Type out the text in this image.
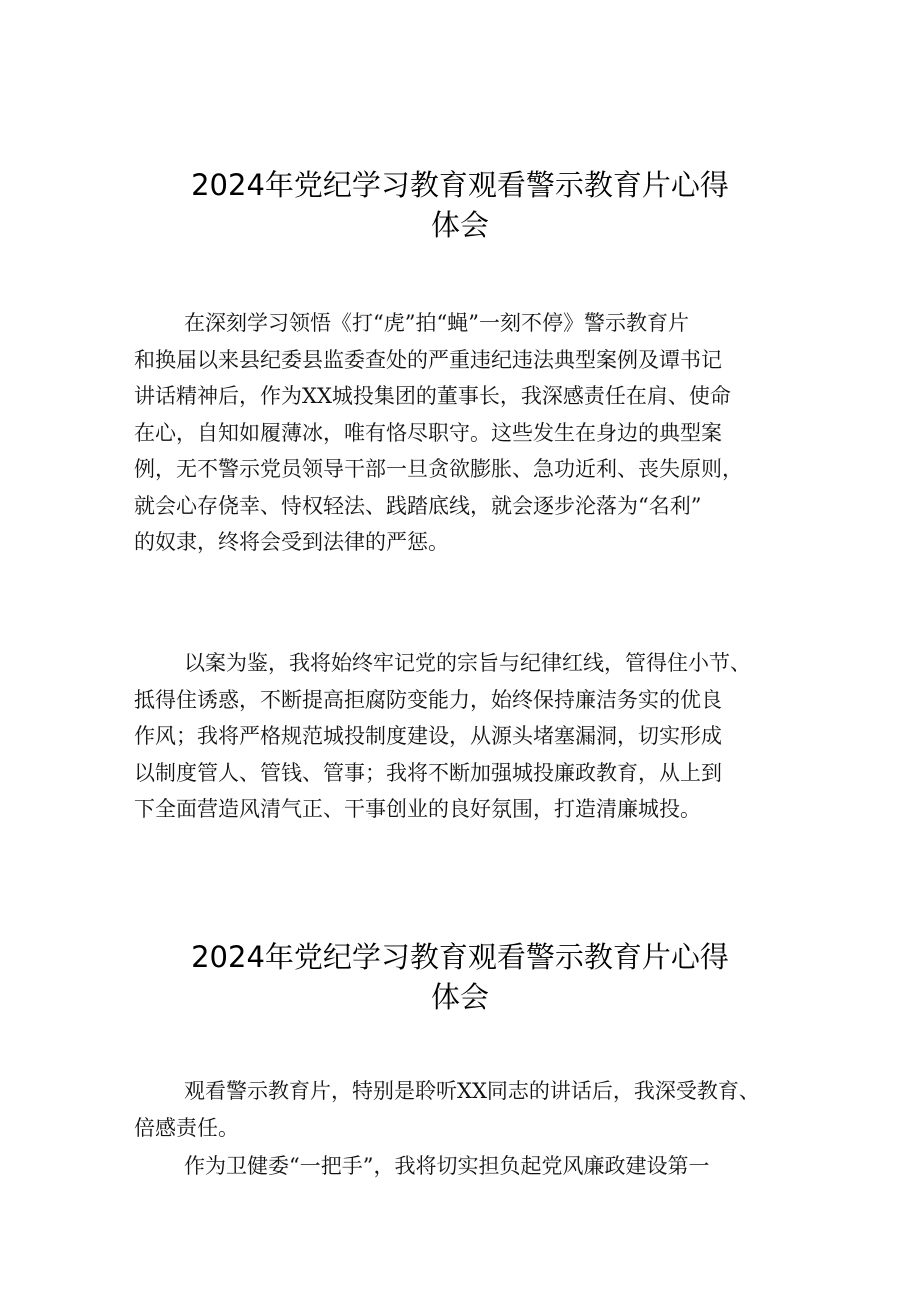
2024年党纪学习教育观看警示教育片心得
体会
在深刻学习领悟《打“虎”拍“蝇”一刻不停》警示教育片
和换届以来县纪委县监委查处的严重违纪违法典型案例及谭书记
讲话精神后，作为XX城投集团的董事长，我深感责任在肩、使命
在心，自知如履薄冰，唯有恪尽职守。这些发生在身边的典型案
例，无不警示党员领导干部一旦贪欲膨胀、急功近利、丧失原则，
就会心存侥幸、恃权轻法、践踏底线，就会逐步沦落为“名利”
的奴隶，终将会受到法律的严惩。
以案为鉴，我将始终牢记党的宗旨与纪律红线，管得住小节、
抵得住诱惑，不断提高拒腐防变能力，始终保持廉洁务实的优良
作风；我将严格规范城投制度建设，从源头堵塞漏洞，切实形成
以制度管人、管钱、管事；我将不断加强城投廉政教育，从上到
下全面营造风清气正、干事创业的良好氛围，打造清廉城投。
2024年党纪学习教育观看警示教育片心得
体会
观看警示教育片，特别是聆听XX同志的讲话后，我深受教育、
倍感责任。
作为卫健委“一把手”，我将切实担负起党风廉政建设第一
